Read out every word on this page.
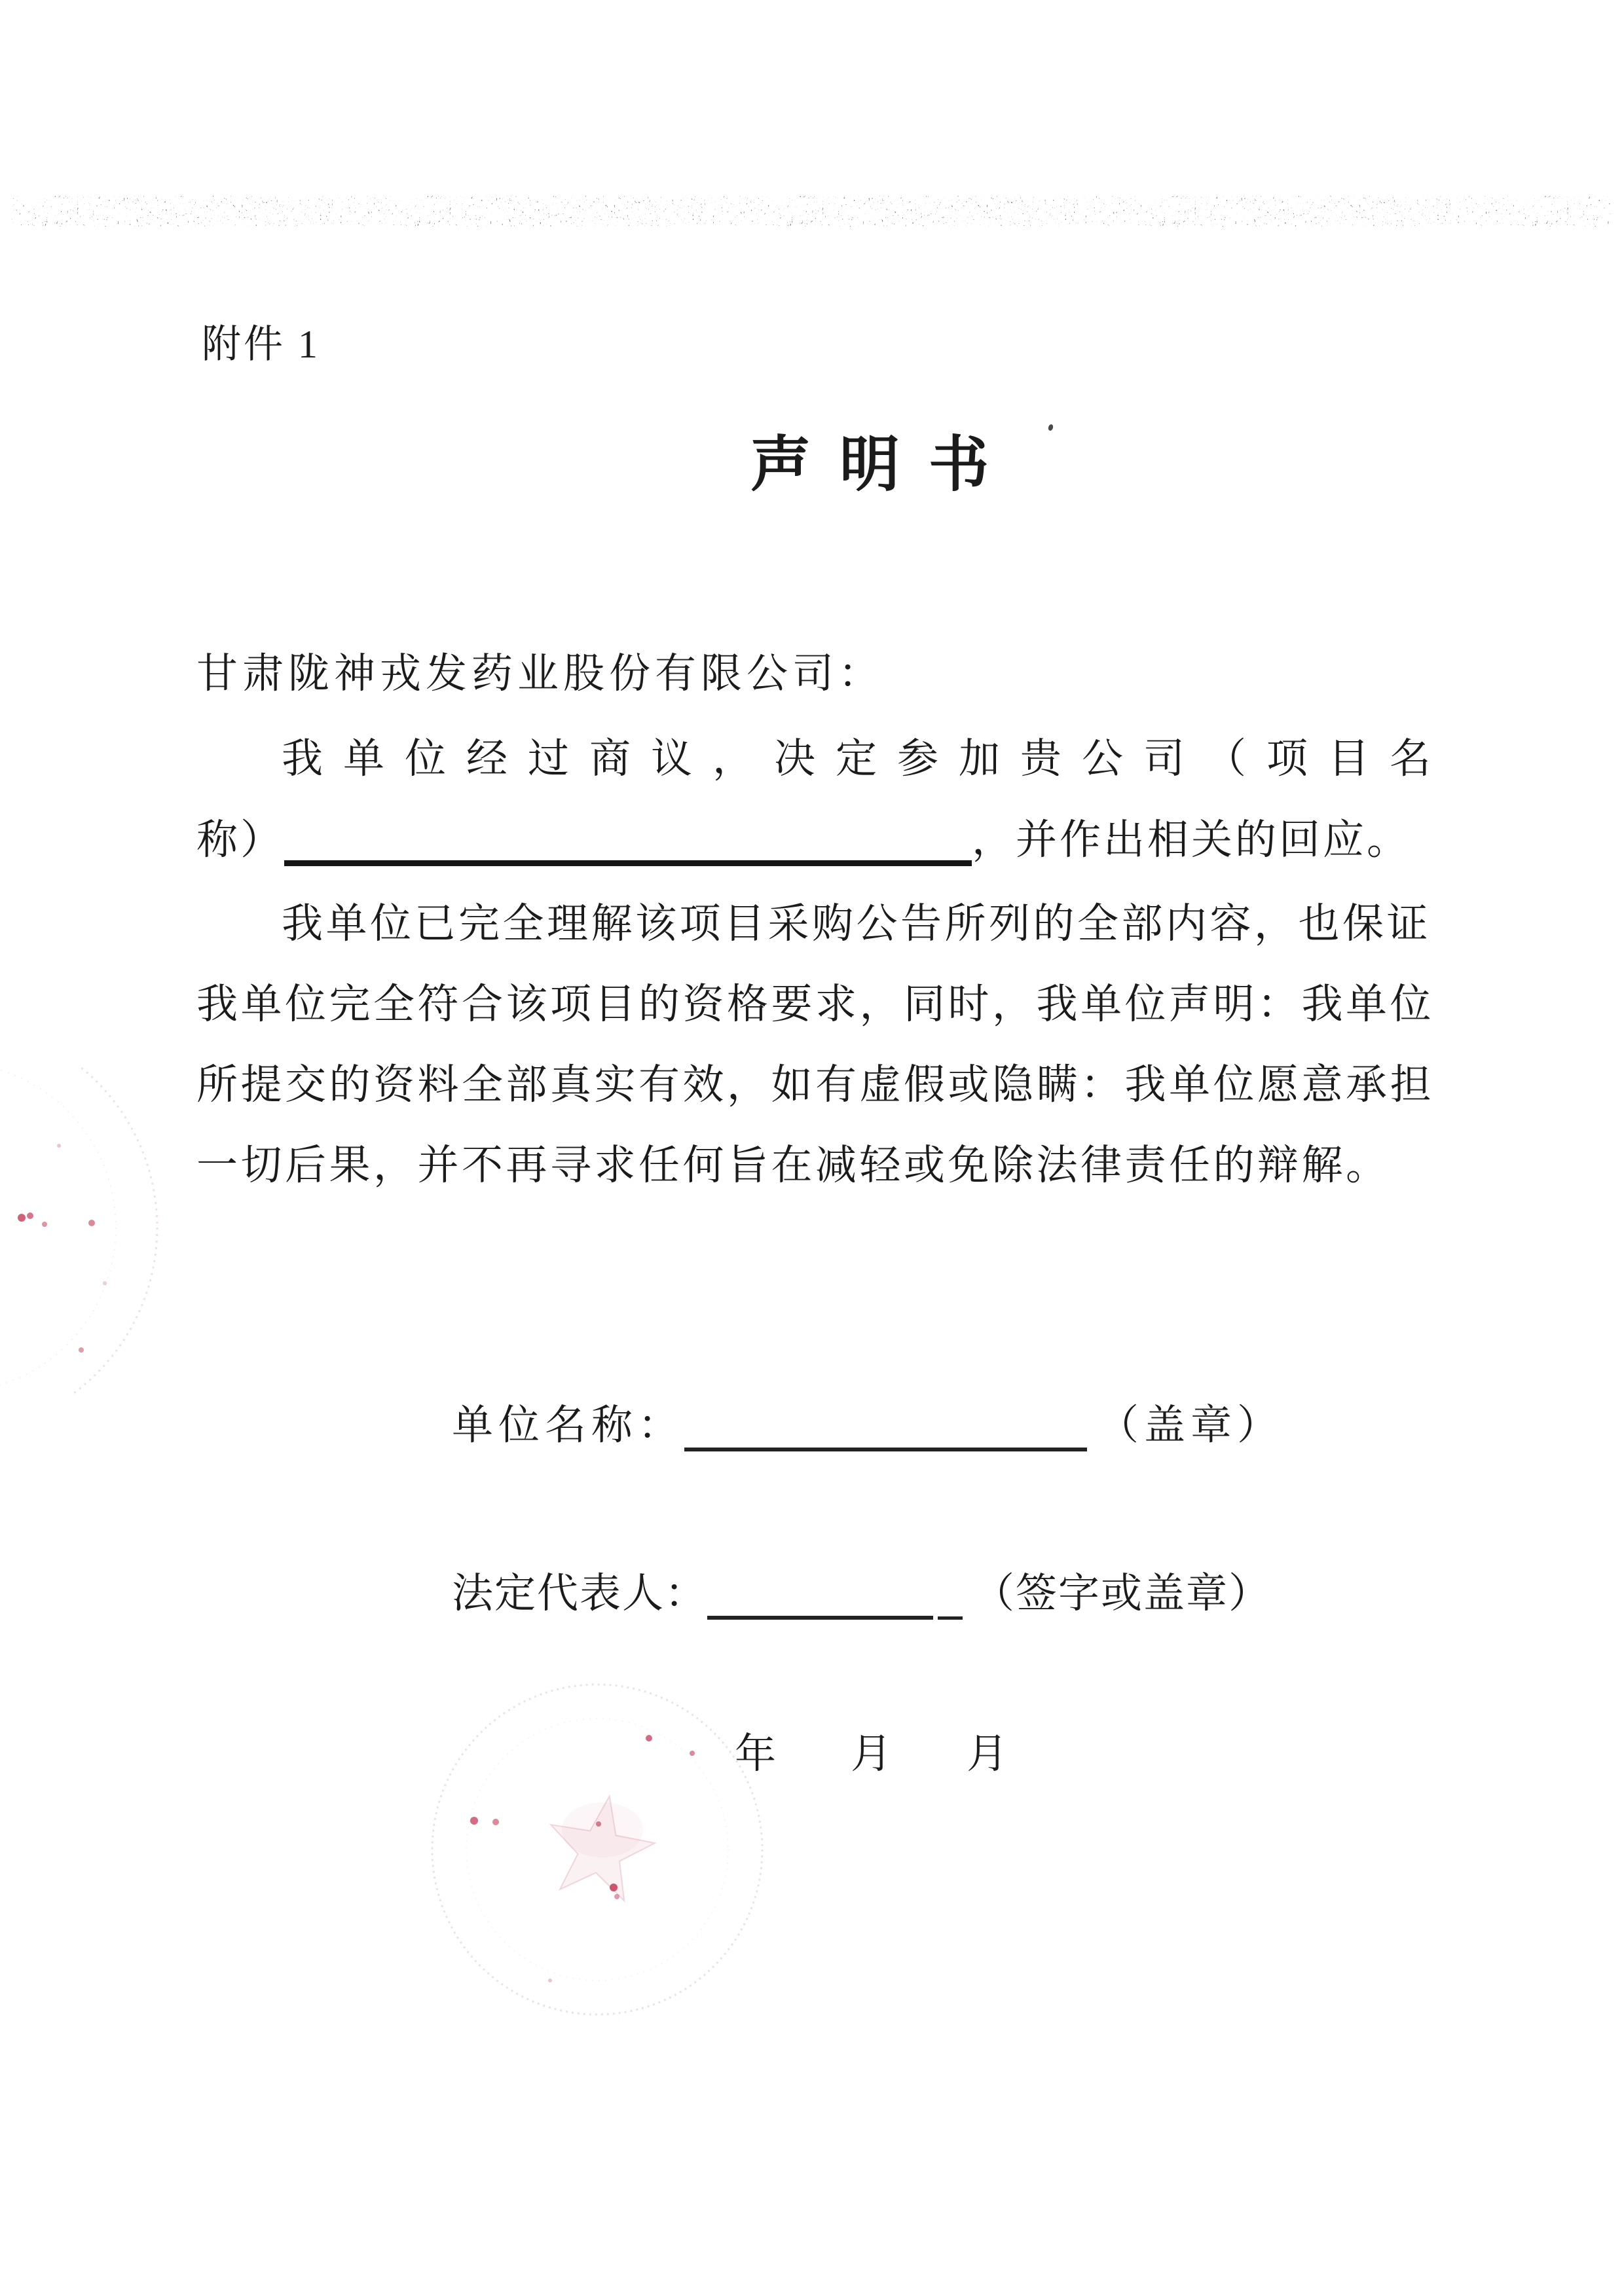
附件 1
声明书
甘肃陇神戎发药业股份有限公司：
我单位经过商议，决定参加贵公司（项目名
称）	，并作出相关的回应。
我单位已完全理解该项目采购公告所列的全部内容，也保证
我单位完全符合该项目的资格要求，同时，我单位声明：我单位
所提交的资料全部真实有效，如有虚假或隐瞒：我单位愿意承担
一切后果，并不再寻求任何旨在减轻或免除法律责任的辩解。
单位名称：	（盖章）
法定代表人：	（签字或盖章）
年 月 月
